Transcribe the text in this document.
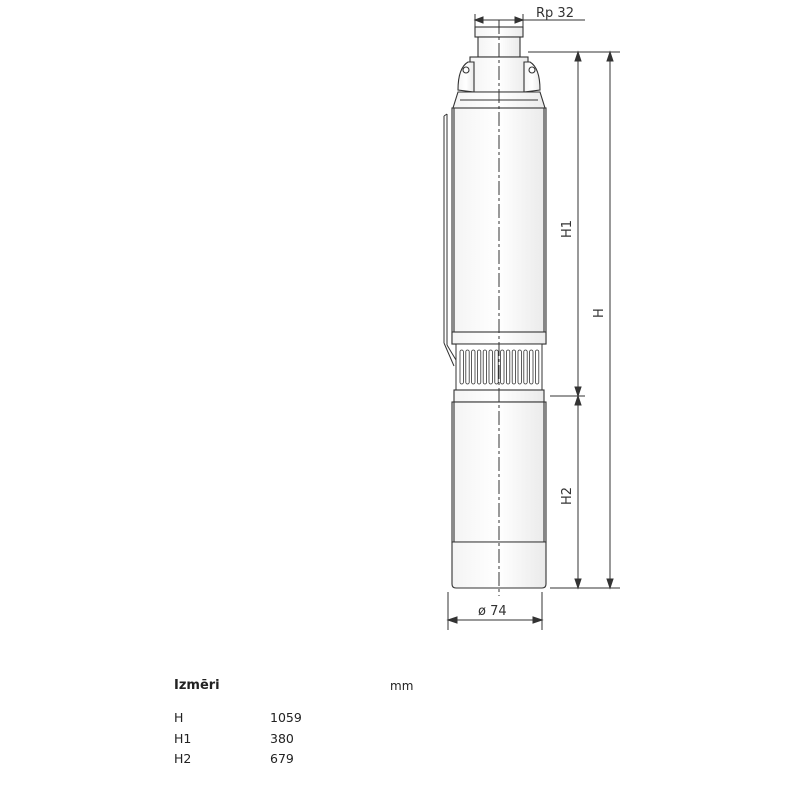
Rp 32
H1
H
H2
ø 74
Izmēri	mm
H	1059
H1	380
H2	679
